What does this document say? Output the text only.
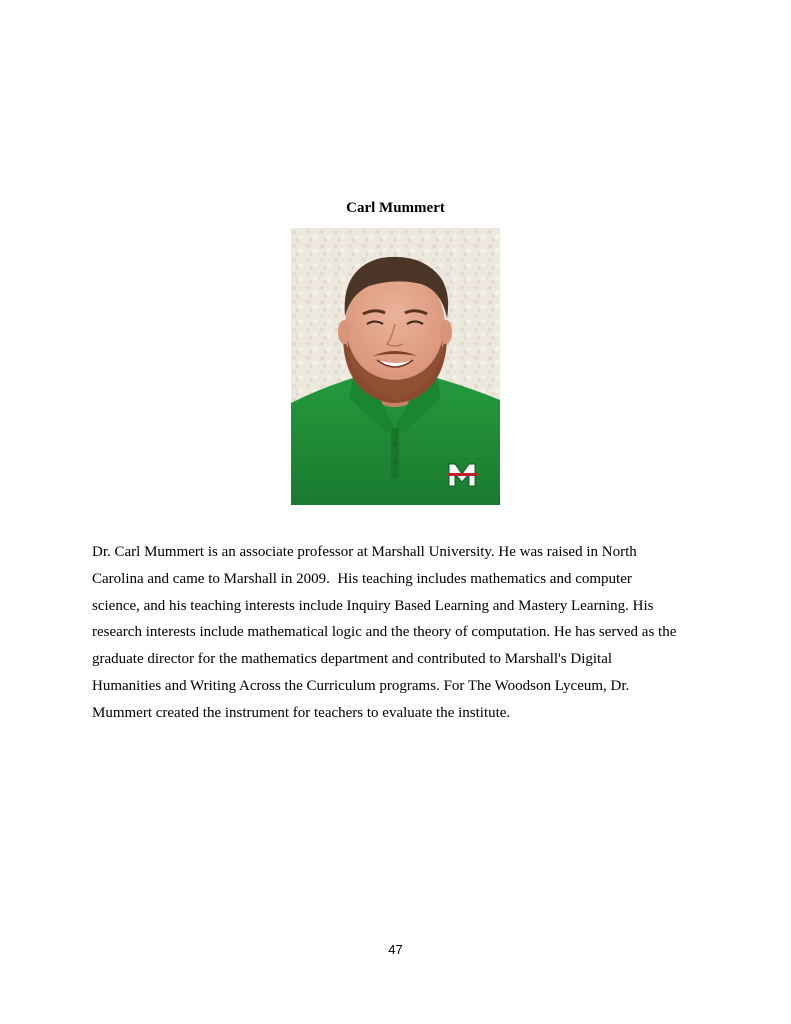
Carl Mummert

Dr. Carl Mummert is an associate professor at Marshall University. He was raised in North
Carolina and came to Marshall in 2009.  His teaching includes mathematics and computer
science, and his teaching interests include Inquiry Based Learning and Mastery Learning. His
research interests include mathematical logic and the theory of computation. He has served as the
graduate director for the mathematics department and contributed to Marshall's Digital
Humanities and Writing Across the Curriculum programs. For The Woodson Lyceum, Dr.
Mummert created the instrument for teachers to evaluate the institute.

47
